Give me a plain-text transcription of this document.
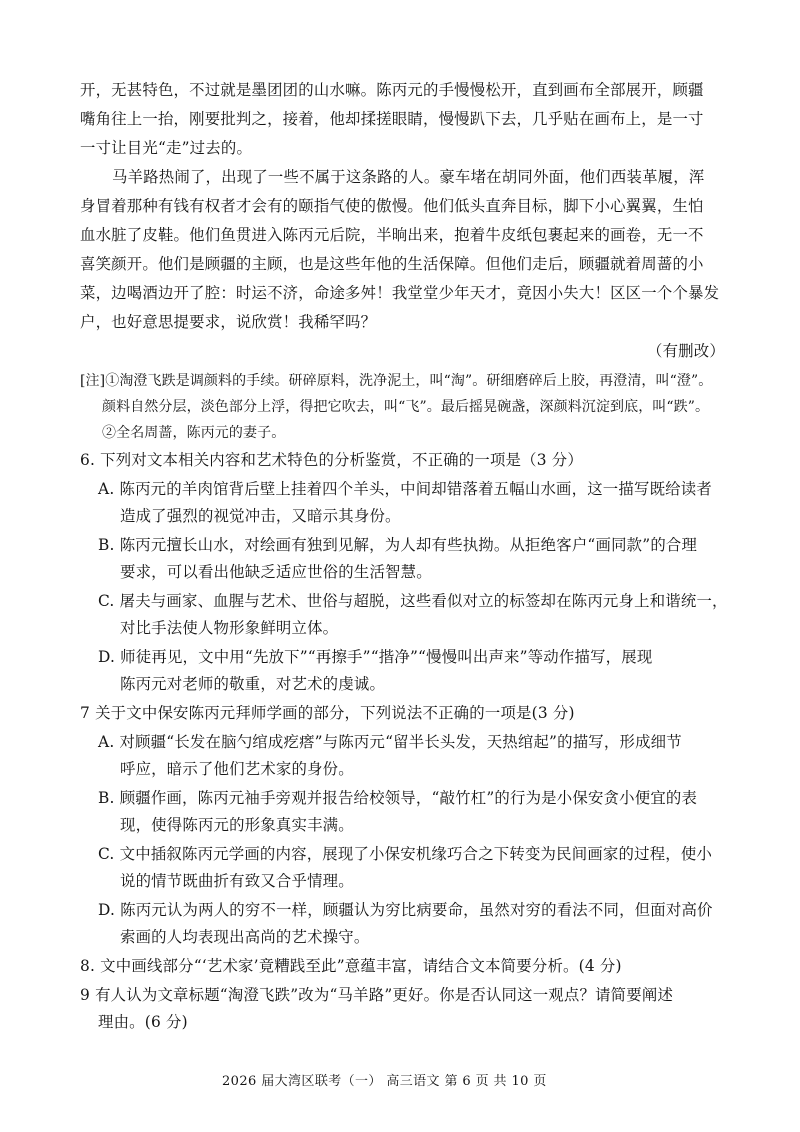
开，无甚特色，不过就是墨团团的山水嘛。陈丙元的手慢慢松开，直到画布全部展开，顾疆
嘴角往上一抬，刚要批判之，接着，他却揉搓眼睛，慢慢趴下去，几乎贴在画布上，是一寸
一寸让目光“走”过去的。
马羊路热闹了，出现了一些不属于这条路的人。豪车堵在胡同外面，他们西装革履，浑
身冒着那种有钱有权者才会有的颐指气使的傲慢。他们低头直奔目标，脚下小心翼翼，生怕
血水脏了皮鞋。他们鱼贯进入陈丙元后院，半晌出来，抱着牛皮纸包裹起来的画卷，无一不
喜笑颜开。他们是顾疆的主顾，也是这些年他的生活保障。但他们走后，顾疆就着周蔷的小
菜，边喝酒边开了腔：时运不济，命途多舛！我堂堂少年天才，竟因小失大！区区一个个暴发
户，也好意思提要求，说欣赏！我稀罕吗？
（有删改）
[注]①淘澄飞跌是调颜料的手续。研碎原料，洗净泥土，叫“淘”。研细磨碎后上胶，再澄清，叫“澄”。
颜料自然分层，淡色部分上浮，得把它吹去，叫“飞”。最后摇晃碗盏，深颜料沉淀到底，叫“跌”。
②全名周蔷，陈丙元的妻子。
6. 下列对文本相关内容和艺术特色的分析鉴赏，不正确的一项是（3 分）
A. 陈丙元的羊肉馆背后壁上挂着四个羊头，中间却错落着五幅山水画，这一描写既给读者
造成了强烈的视觉冲击，又暗示其身份。
B. 陈丙元擅长山水，对绘画有独到见解，为人却有些执拗。从拒绝客户“画同款”的合理
要求，可以看出他缺乏适应世俗的生活智慧。
C. 屠夫与画家、血腥与艺术、世俗与超脱，这些看似对立的标签却在陈丙元身上和谐统一，
对比手法使人物形象鲜明立体。
D. 师徒再见，文中用“先放下”“再擦手”“揩净”“慢慢叫出声来”等动作描写，展现
陈丙元对老师的敬重，对艺术的虔诚。
7 关于文中保安陈丙元拜师学画的部分，下列说法不正确的一项是(3 分)
A. 对顾疆“长发在脑勺绾成疙瘩”与陈丙元“留半长头发，天热绾起”的描写，形成细节
呼应，暗示了他们艺术家的身份。
B. 顾疆作画，陈丙元袖手旁观并报告给校领导，“敲竹杠”的行为是小保安贪小便宜的表
现，使得陈丙元的形象真实丰满。
C. 文中插叙陈丙元学画的内容，展现了小保安机缘巧合之下转变为民间画家的过程，使小
说的情节既曲折有致又合乎情理。
D. 陈丙元认为两人的穷不一样，顾疆认为穷比病要命，虽然对穷的看法不同，但面对高价
索画的人均表现出高尚的艺术操守。
8. 文中画线部分“‘艺术家’竟糟践至此”意蕴丰富，请结合文本简要分析。(4 分)
9 有人认为文章标题“淘澄飞跌”改为“马羊路”更好。你是否认同这一观点？请简要阐述
理由。(6 分)
2026 届大湾区联考（一） 高三语文 第 6 页 共 10 页
